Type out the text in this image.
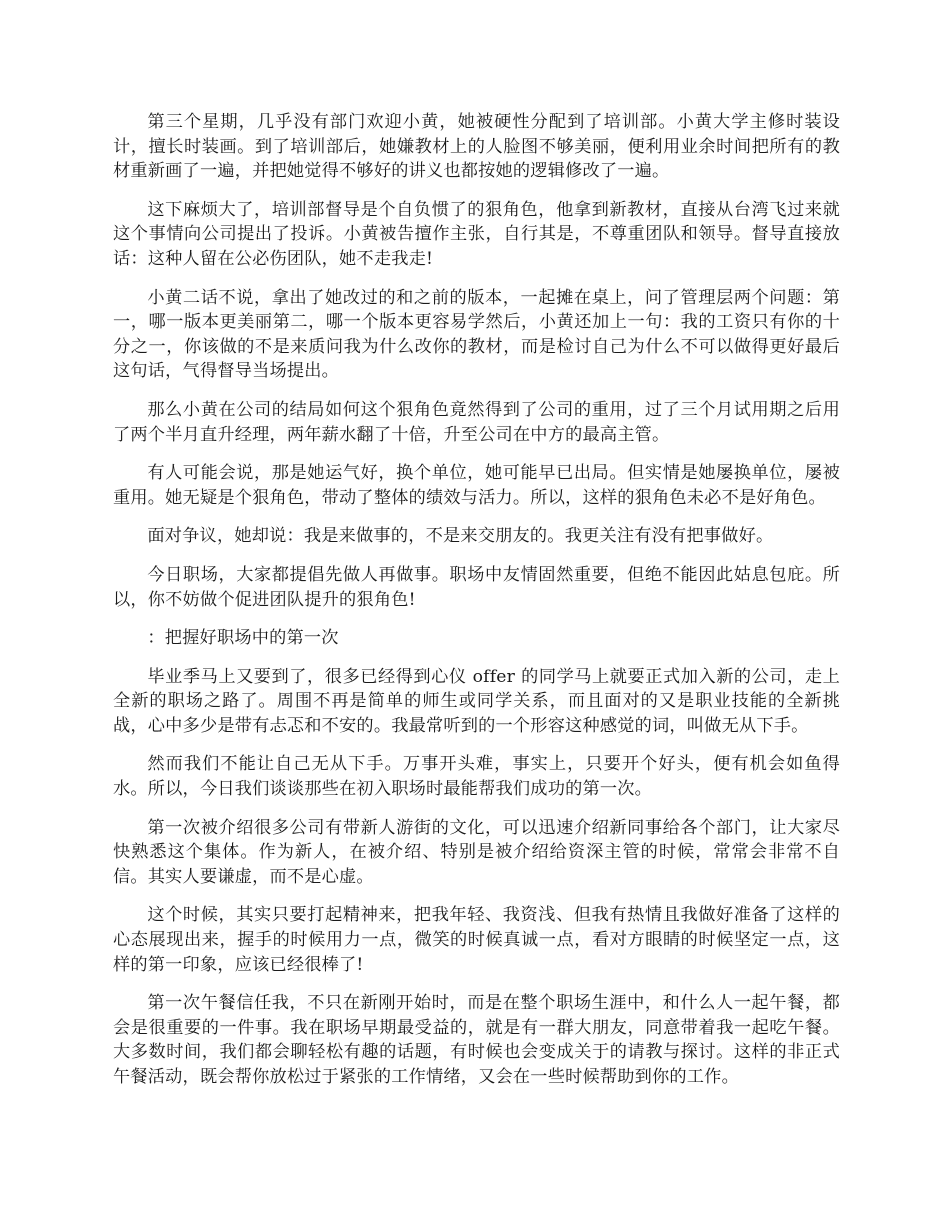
第三个星期，几乎没有部门欢迎小黄，她被硬性分配到了培训部。小黄大学主修时装设计，擅长时装画。到了培训部后，她嫌教材上的人脸图不够美丽，便利用业余时间把所有的教材重新画了一遍，并把她觉得不够好的讲义也都按她的逻辑修改了一遍。

这下麻烦大了，培训部督导是个自负惯了的狠角色，他拿到新教材，直接从台湾飞过来就这个事情向公司提出了投诉。小黄被告擅作主张，自行其是，不尊重团队和领导。督导直接放话：这种人留在公必伤团队，她不走我走!

小黄二话不说，拿出了她改过的和之前的版本，一起摊在桌上，问了管理层两个问题：第一，哪一版本更美丽第二，哪一个版本更容易学然后，小黄还加上一句：我的工资只有你的十分之一，你该做的不是来质问我为什么改你的教材，而是检讨自己为什么不可以做得更好最后这句话，气得督导当场提出。

那么小黄在公司的结局如何这个狠角色竟然得到了公司的重用，过了三个月试用期之后用了两个半月直升经理，两年薪水翻了十倍，升至公司在中方的最高主管。

有人可能会说，那是她运气好，换个单位，她可能早已出局。但实情是她屡换单位，屡被重用。她无疑是个狠角色，带动了整体的绩效与活力。所以，这样的狠角色未必不是好角色。

面对争议，她却说：我是来做事的，不是来交朋友的。我更关注有没有把事做好。

今日职场，大家都提倡先做人再做事。职场中友情固然重要，但绝不能因此姑息包庇。所以，你不妨做个促进团队提升的狠角色!

：把握好职场中的第一次

毕业季马上又要到了，很多已经得到心仪 offer 的同学马上就要正式加入新的公司，走上全新的职场之路了。周围不再是简单的师生或同学关系，而且面对的又是职业技能的全新挑战，心中多少是带有忐忑和不安的。我最常听到的一个形容这种感觉的词，叫做无从下手。

然而我们不能让自己无从下手。万事开头难，事实上，只要开个好头，便有机会如鱼得水。所以，今日我们谈谈那些在初入职场时最能帮我们成功的第一次。

第一次被介绍很多公司有带新人游街的文化，可以迅速介绍新同事给各个部门，让大家尽快熟悉这个集体。作为新人，在被介绍、特别是被介绍给资深主管的时候，常常会非常不自信。其实人要谦虚，而不是心虚。

这个时候，其实只要打起精神来，把我年轻、我资浅、但我有热情且我做好准备了这样的心态展现出来，握手的时候用力一点，微笑的时候真诚一点，看对方眼睛的时候坚定一点，这样的第一印象，应该已经很棒了!

第一次午餐信任我，不只在新刚开始时，而是在整个职场生涯中，和什么人一起午餐，都会是很重要的一件事。我在职场早期最受益的，就是有一群大朋友，同意带着我一起吃午餐。大多数时间，我们都会聊轻松有趣的话题，有时候也会变成关于的请教与探讨。这样的非正式午餐活动，既会帮你放松过于紧张的工作情绪，又会在一些时候帮助到你的工作。
